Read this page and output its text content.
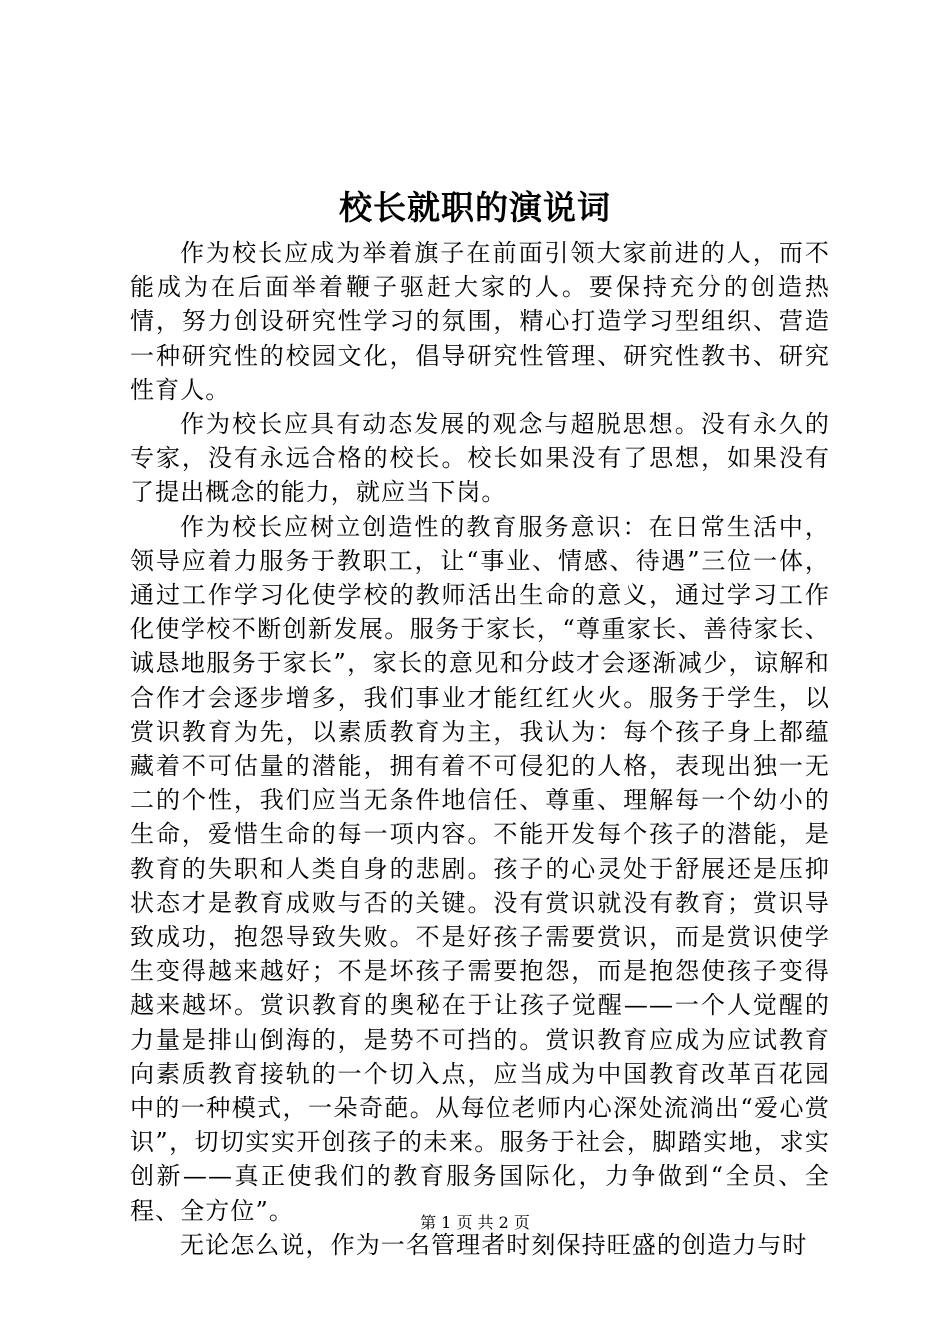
校长就职的演说词

作为校长应成为举着旗子在前面引领大家前进的人，而不能成为在后面举着鞭子驱赶大家的人。要保持充分的创造热情，努力创设研究性学习的氛围，精心打造学习型组织、营造一种研究性的校园文化，倡导研究性管理、研究性教书、研究性育人。

作为校长应具有动态发展的观念与超脱思想。没有永久的专家，没有永远合格的校长。校长如果没有了思想，如果没有了提出概念的能力，就应当下岗。

作为校长应树立创造性的教育服务意识：在日常生活中，领导应着力服务于教职工，让“事业、情感、待遇”三位一体，通过工作学习化使学校的教师活出生命的意义，通过学习工作化使学校不断创新发展。服务于家长，“尊重家长、善待家长、诚恳地服务于家长”，家长的意见和分歧才会逐渐减少，谅解和合作才会逐步增多，我们事业才能红红火火。服务于学生，以赏识教育为先，以素质教育为主，我认为：每个孩子身上都蕴藏着不可估量的潜能，拥有着不可侵犯的人格，表现出独一无二的个性，我们应当无条件地信任、尊重、理解每一个幼小的生命，爱惜生命的每一项内容。不能开发每个孩子的潜能，是教育的失职和人类自身的悲剧。孩子的心灵处于舒展还是压抑状态才是教育成败与否的关键。没有赏识就没有教育；赏识导致成功，抱怨导致失败。不是好孩子需要赏识，而是赏识使学生变得越来越好；不是坏孩子需要抱怨，而是抱怨使孩子变得越来越坏。赏识教育的奥秘在于让孩子觉醒——一个人觉醒的力量是排山倒海的，是势不可挡的。赏识教育应成为应试教育向素质教育接轨的一个切入点，应当成为中国教育改革百花园中的一种模式，一朵奇葩。从每位老师内心深处流淌出“爱心赏识”，切切实实开创孩子的未来。服务于社会，脚踏实地，求实创新——真正使我们的教育服务国际化，力争做到“全员、全程、全方位”。

无论怎么说，作为一名管理者时刻保持旺盛的创造力与时

第 1 页 共 2 页
